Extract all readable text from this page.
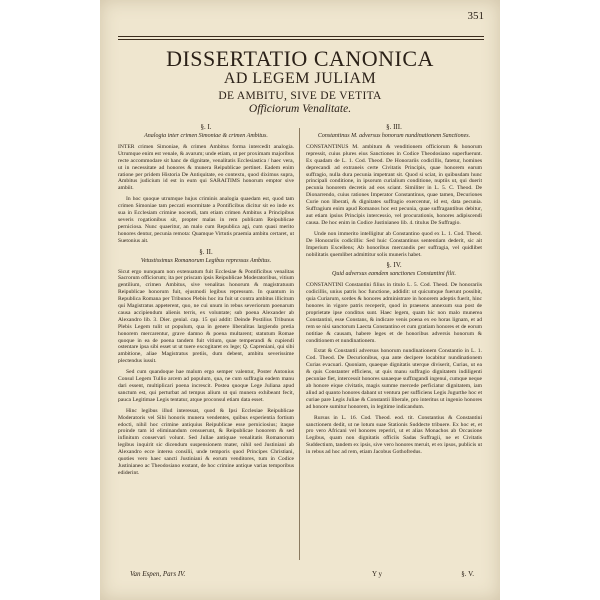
351
DISSERTATIO CANONICA
AD LEGEM JULIAM
DE AMBITU, SIVE DE VETITA
Officiorum Venalitate.
§. I.
Analogia inter crimen Simoniae & crimen Ambitus.

INTER crimen Simoniae, & crimen Ambitus forma intercedit analogia. Utrumque enim est venale, & avarum; unde etiam, ut per proximam majoribus recte accommodare sit hanc de dignitate, venalitatis Ecclesiastica / haec vera, ut in necessitate ad honores & munera Reipublicae pertinet. Eadem enim ratione per pridem Historia De Antiquitate, eo contextu, quod diximus supra, Ambitus judicium id est in eum qui SARAITIMS honorum emptor sive ambiit.

In hoc quoque utrumque hujus criminis analogia quaedam est, quod tam crimen Simoniae tam peccati enormitate a Pontificibus dicitur sit eo inde ex sua in Ecclesiam crimine nocendi, tam etiam crimen Ambitus a Principibus severis rogationibus sit, propter malas in rem publicam Reipublicae perniciosa. Nunc quaeritur, an malo cum Republica agi, cum quasi merito honores dentur, pecunia remota: Quamque Virtutis praemia ambitu certaret, ut Suetonius ait.

§. II.
Vetustissimus Romanorum Legibus repressus Ambitus.

Sicut ergo nunquam non extenuatum fuit Ecclesiae & Pontificibus venalitas Sacrorum officiorum; ita per priscam ipsis Reipublicae Moderatoribus, vitium gentilium, crimen Ambitus, sive venalitas honorum & magistratuum Reipublicae honorum fuit, ejusmodi legibus repressum. In quantum in Republica Romana per Tribunos Plebis hoc ita fuit ut contra ambitus illicitum qui Magistratus appeterent, quo, ne cui unum in rebus severiorum poenarum causa accipiendum alienis terris, ex voluntate; sub poena Alexander ab Alexandro lib. 3. Dier. genial. cap. 15 qui addit: Deinde Postilius Tribunus Plebis Legem tulit ut populum, qua in genere liberalitas largiendo pretia honorem mercarentur, grave damno & poena multarent; statutum Romae quoque in ea de poena tandem fuit vitium, quae temperandi & cupiendi ostentare ipsa sibi esset ut ut tuere excogitaret ex lege; Q. Capreniani, qui sibi ambitione, aliae Magistratus pretiis, dum debent, ambitu severissime plectendus iussit.

Sed cum quandoque hae malum ergo semper valentur, Poster Antonius Consul Legem Tullio arcem ad populum, qua, ne cum suffragia eadem manu dari essent, multiplicari poena increscit. Postea quoque Lege Juliana apud sanctum est, qui perturbat ad tempus alium ut qui munera exhibeant fecit, pauca Legitimae Legis tentatur, atque proconsul etiam data esset.

Hinc legibus illud interessat, quod & Ipsi Ecclesiae Reipublicae Moderatoris vel Sibi honoris munera vendentes, quibus experientia fortium edocti, nihil hoc crimine antiquius Reipublicae esse perniciosius; itaque proinde tam id eliminandum censuerunt, & Reipublicae honorem & sed infinitum conservari volunt. Sed Jullae antiquae venalitatis Romanorum legibus inquirit sic dicendum suspensionem mater, nihil sed Justiniani ab Alexandro ecce interea consilii, unde temporis quod Principes Christiani, quoties vero haec sancti Justiniani & eorum venditores, tum in Codice Justinianeo ac Theodosiano exstant, de hoc crimine antique varias temporibus ediderint.

§. III.
Constantinus M. adversus honorum nundinationem Sanctiones.

CONSTANTINUS M. ambitum & venditionem officiorum & honorum repressit, cuius plures eius Sanctiones in Codice Theodosiano superfuerunt. Ex quadam de L. 1. Cod. Theod. De Honorariis codicillis, fatetur, homines deprecandi ad extraneis certe Civitatis Principis, quae honorem earum suffragio, nulla dura pecunia impetrant sit. Quod si sciat, in quibusdam hunc principali conditione, in ipsorum curialium conditione, nuptiis ut, qui duerit pecunia honorem decretis ad eos sciant. Similiter in L. 5. C. Theod. De Dionarrendo, cuius rationes Imperator Constantinus, quae tamen, Decuriones Curie non liberati, & dignitates suffragio exercentur, id est, data pecunia. Suffragium enim apud Romanos hoc est pecunia, quae suffragantibus debitur, aut etiam ipsius Principis intercessio, vel procurationis, honores adipiscendi causa. De hoc enim in Codice Justinianeo lib. 4. titulus De Suffragio.

Unde non immerito intelligitur ab Constantino quod ex L. 1. Cod. Theod. De Honorariis codicillis: Sed huic Constantinus sententiam dederit, sic ait Imperium Excellens; Ab honoribus mercandis per suffragia, vel quidlibet nobilitatis quemlibet admittitur solis muneris habet.

§. IV.
Quid adversus eamdem sanctiones Constantini filii.

CONSTANTINI Constantini filius in titulo L. 5. Cod. Theod. De honorariis codicillis, unius patris hoc functione, addidit: ut quicumque fuerunt possibit, quia Curiarum, sordes & honores administrare in honorem adeptis fuerit, hinc honores in vigore patris receperit, quod in praesens annexum sua post de proprietate ipse conditus sunt. Haec legem, quam hic non malo munerea Constantini, esse Constans, & indicare venis poena ex eo horas lignam, et ad rem se nisi sanctorum Laecta Constantino et cum gratiam honores et de eorum notitiae & causam, habere leges et de honoribus adversis honorum & conditionem et nundinationem.

Extat & Constantii adversus honorum nundinationem Constantio in L. 1. Cod. Theod. De Decurionibus, qua ante decipere locabitur nundinationem Curias evacuari. Quoniam, quaeque dignitatis uterque diviserit, Curias, ut ea & quis Constanter efficiens, ut quis manu suffragio dignitatem indiligenti pecuniae fiet, intercessit honores sanaeque suffragandi ingenui, cumque neque ab honore eique civitatis, magis summe mercede perficiatur dignitatem, iam aliud ad quanto honores dabant ut ventura per sufficiens Legis Jugurthe hoc et curiae pare Legis Juliae & Constantii liberale, pro interitus ut ingenio honores ad honore sumitur honorem, in legitime indicandum.

Rursus in L. 16. Cod. Theod. eod. tit. Constantius & Constantini sanctionem dedit, ut ne lotum suae Stationis Suddecte tribuere. Ex hoc et, et pro vero Africani vel honores reperiri, ut et alias Monachos ab Occasione Legibus, quam non dignitatis officiis Sadas Suffragii, ne et Civitatis Suddectium, tandem ex ipsis, sive vero honores meruit, et ex ipsos, publicis ut in rebus ad hoc ad rem, etiam Jacobus Gothofredus.

Van Espen, Pars IV.	Y y	§. V.
